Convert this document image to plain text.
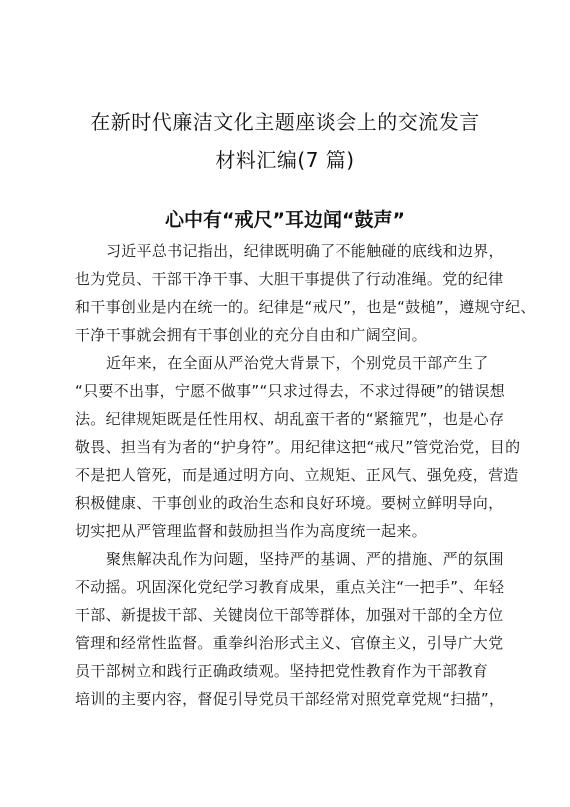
在新时代廉洁文化主题座谈会上的交流发言
材料汇编(7 篇)
心中有“戒尺”耳边闻“鼓声”
习近平总书记指出，纪律既明确了不能触碰的底线和边界，
也为党员、干部干净干事、大胆干事提供了行动准绳。党的纪律
和干事创业是内在统一的。纪律是“戒尺”，也是“鼓槌”，遵规守纪、
干净干事就会拥有干事创业的充分自由和广阔空间。
近年来，在全面从严治党大背景下，个别党员干部产生了
“只要不出事，宁愿不做事”“只求过得去，不求过得硬”的错误想
法。纪律规矩既是任性用权、胡乱蛮干者的“紧箍咒”，也是心存
敬畏、担当有为者的“护身符”。用纪律这把“戒尺”管党治党，目的
不是把人管死，而是通过明方向、立规矩、正风气、强免疫，营造
积极健康、干事创业的政治生态和良好环境。要树立鲜明导向，
切实把从严管理监督和鼓励担当作为高度统一起来。
聚焦解决乱作为问题，坚持严的基调、严的措施、严的氛围
不动摇。巩固深化党纪学习教育成果，重点关注“一把手”、年轻
干部、新提拔干部、关键岗位干部等群体，加强对干部的全方位
管理和经常性监督。重拳纠治形式主义、官僚主义，引导广大党
员干部树立和践行正确政绩观。坚持把党性教育作为干部教育
培训的主要内容，督促引导党员干部经常对照党章党规“扫描”，
